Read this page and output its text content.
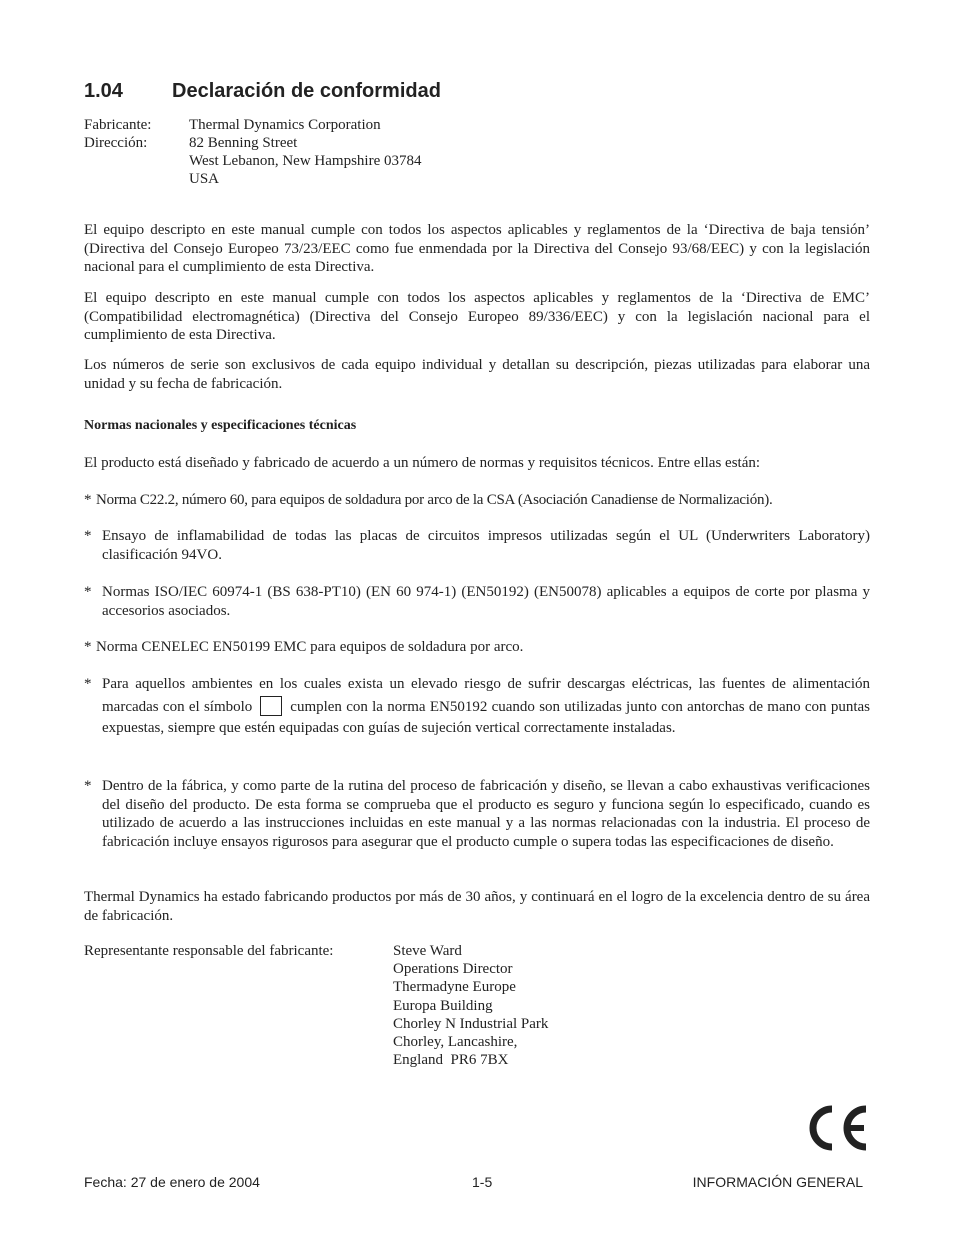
1.04 Declaración de conformidad
Fabricante:	Thermal Dynamics Corporation
Dirección:	82 Benning Street
West Lebanon, New Hampshire 03784
USA
El equipo descripto en este manual cumple con todos los aspectos aplicables y reglamentos de la ‘Directiva de baja tensión’ (Directiva del Consejo Europeo 73/23/EEC como fue enmendada por la Directiva del Consejo 93/68/EEC) y con la legislación nacional para el cumplimiento de esta Directiva.
El equipo descripto en este manual cumple con todos los aspectos aplicables y reglamentos de la ‘Directiva de EMC’ (Compatibilidad electromagnética) (Directiva del Consejo Europeo 89/336/EEC) y con la legislación nacional para el cumplimiento de esta Directiva.
Los números de serie son exclusivos de cada equipo individual y detallan su descripción, piezas utilizadas para elaborar una unidad y su fecha de fabricación.
Normas nacionales y especificaciones técnicas
El producto está diseñado y fabricado de acuerdo a un número de normas y requisitos técnicos. Entre ellas están:
* Norma C22.2, número 60, para equipos de soldadura por arco de la CSA (Asociación Canadiense de Normalización).
* Ensayo de inflamabilidad de todas las placas de circuitos impresos utilizadas según el UL (Underwriters Laboratory) clasificación 94VO.
* Normas ISO/IEC 60974-1 (BS 638-PT10) (EN 60 974-1) (EN50192) (EN50078) aplicables a equipos de corte por plasma y accesorios asociados.
* Norma CENELEC EN50199 EMC para equipos de soldadura por arco.
* Para aquellos ambientes en los cuales exista un elevado riesgo de sufrir descargas eléctricas, las fuentes de alimentación marcadas con el símbolo	cumplen con la norma EN50192 cuando son utilizadas junto con antorchas de mano con puntas expuestas, siempre que estén equipadas con guías de sujeción vertical correctamente instaladas.
* Dentro de la fábrica, y como parte de la rutina del proceso de fabricación y diseño, se llevan a cabo exhaustivas verificaciones del diseño del producto. De esta forma se comprueba que el producto es seguro y funciona según lo especificado, cuando es utilizado de acuerdo a las instrucciones incluidas en este manual y a las normas relacionadas con la industria. El proceso de fabricación incluye ensayos rigurosos para asegurar que el producto cumple o supera todas las especificaciones de diseño.
Thermal Dynamics ha estado fabricando productos por más de 30 años, y continuará en el logro de la excelencia dentro de su área de fabricación.
Representante responsable del fabricante:	Steve Ward
Operations Director
Thermadyne Europe
Europa Building
Chorley N Industrial Park
Chorley, Lancashire,
England  PR6 7BX
Fecha: 27 de enero de 2004	1-5	INFORMACIÓN GENERAL
